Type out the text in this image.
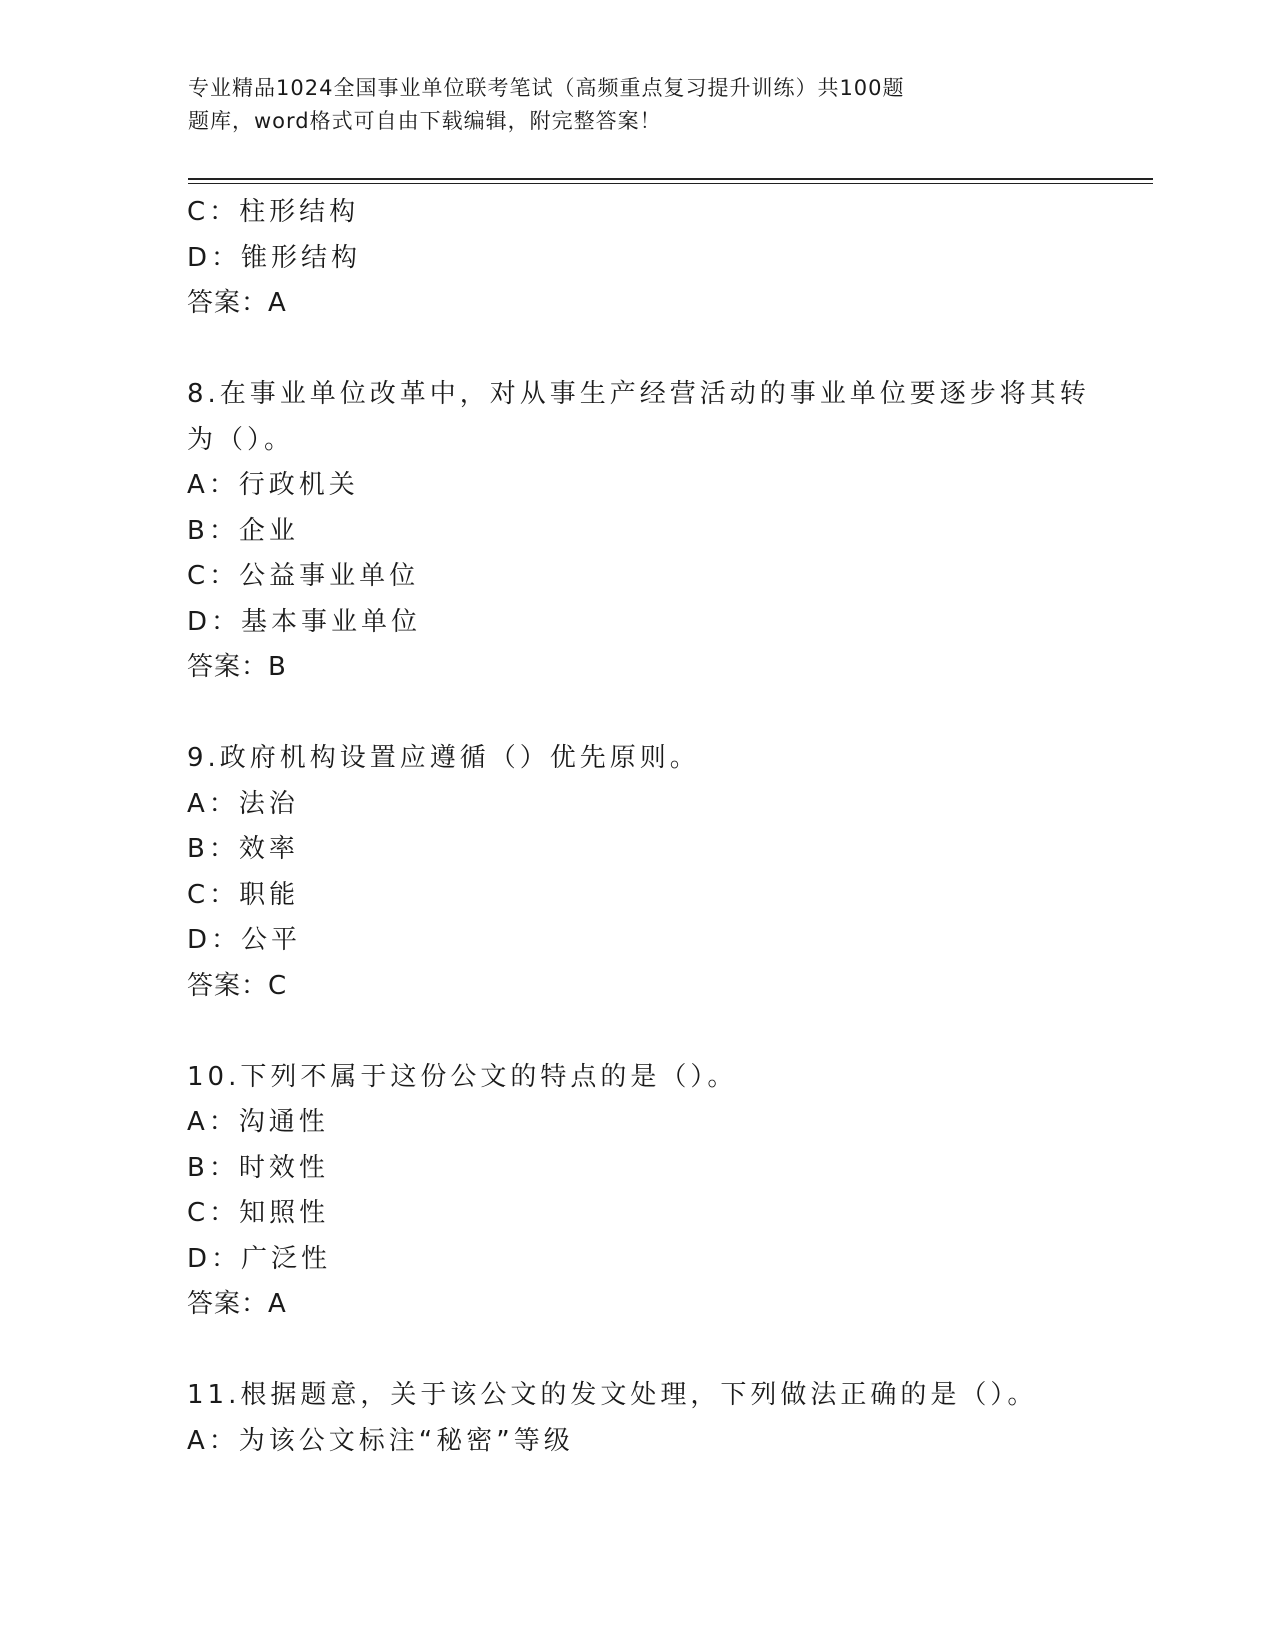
专业精品1024全国事业单位联考笔试（高频重点复习提升训练）共100题
题库，word格式可自由下载编辑，附完整答案！
C：柱形结构
D：锥形结构
答案：A
8.在事业单位改革中，对从事生产经营活动的事业单位要逐步将其转
为（）。
A：行政机关
B：企业
C：公益事业单位
D：基本事业单位
答案：B
9.政府机构设置应遵循（）优先原则。
A：法治
B：效率
C：职能
D：公平
答案：C
10.下列不属于这份公文的特点的是（）。
A：沟通性
B：时效性
C：知照性
D：广泛性
答案：A
11.根据题意，关于该公文的发文处理，下列做法正确的是（）。
A：为该公文标注“秘密”等级
